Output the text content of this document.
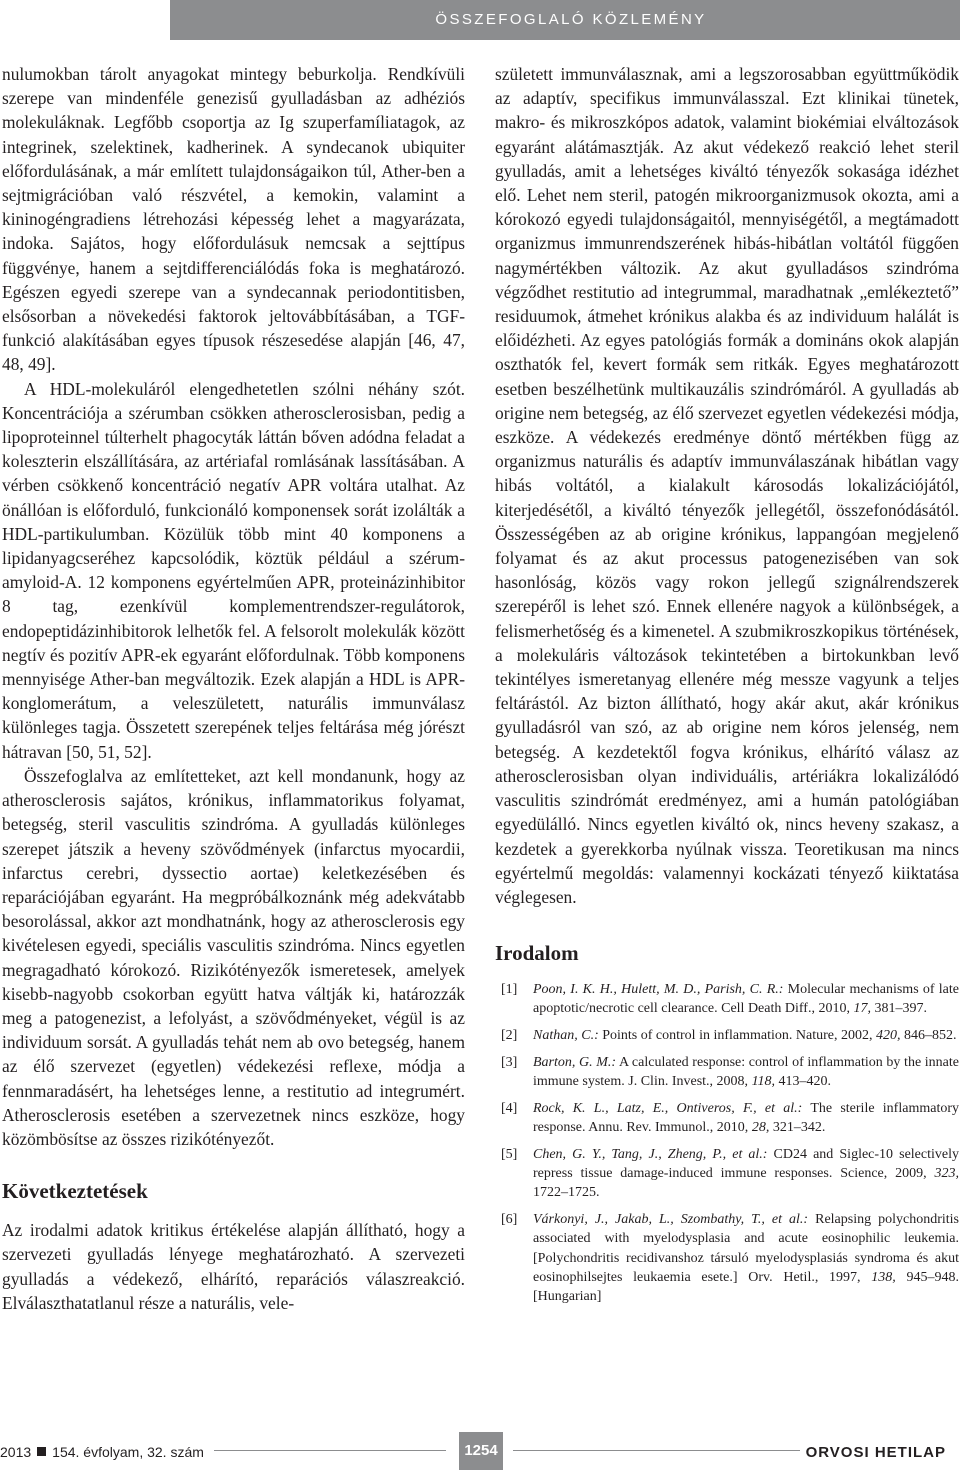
ÖSSZEFOGLALÓ KÖZLEMÉNY

nulumokban tárolt anyagokat mintegy beburkolja. Rendkívüli szerepe van mindenféle genezisű gyulladásban az adhéziós molekuláknak. Legfőbb csoportja az Ig szuperfamíliatagok, az integrinek, szelektinek, kadherinek. A syndecanok ubiquiter előfordulásának, a már említett tulajdonságaikon túl, Ather-ben a sejtmigrációban való részvétel, a kemokin, valamint a kininogéngradiens létrehozási képesség lehet a magyarázata, indoka. Sajátos, hogy előfordulásuk nemcsak a sejttípus függvénye, hanem a sejtdifferenciálódás foka is meghatározó. Egészen egyedi szerepe van a syndecannak periodontitisben, elsősorban a növekedési faktorok jeltovábbításában, a TGF-funkció alakításában egyes típusok részesedése alapján [46, 47, 48, 49].

A HDL-molekuláról elengedhetetlen szólni néhány szót. Koncentrációja a szérumban csökken atherosclerosisban, pedig a lipoproteinnel túlterhelt phagocyták láttán bőven adódna feladat a koleszterin elszállítására, az artériafal romlásának lassításában. A vérben csökkenő koncentráció negatív APR voltára utalhat. Az önállóan is előforduló, funkcionáló komponensek sorát izolálták a HDL-partikulumban. Közülük több mint 40 komponens a lipidanyagcseréhez kapcsolódik, köztük például a szérum-amyloid-A. 12 komponens egyértelműen APR, proteinázinhibitor 8 tag, ezenkívül komplementrendszer-regulátorok, endopeptidázinhibitorok lelhetők fel. A felsorolt molekulák között negtív és pozitív APR-ek egyaránt előfordulnak. Több komponens mennyisége Ather-ban megváltozik. Ezek alapján a HDL is APR-konglomerátum, a veleszületett, naturális immunválasz különleges tagja. Összetett szerepének teljes feltárása még jórészt hátravan [50, 51, 52].

Összefoglalva az említetteket, azt kell mondanunk, hogy az atherosclerosis sajátos, krónikus, inflammatorikus folyamat, betegség, steril vasculitis szindróma. A gyulladás különleges szerepet játszik a heveny szövődmények (infarctus myocardii, infarctus cerebri, dyssectio aortae) keletkezésében és reparációjában egyaránt. Ha megpróbálkoznánk még adekvátabb besorolással, akkor azt mondhatnánk, hogy az atherosclerosis egy kivételesen egyedi, speciális vasculitis szindróma. Nincs egyetlen megragadható kórokozó. Rizikótényezők ismeretesek, amelyek kisebb-nagyobb csokorban együtt hatva váltják ki, határozzák meg a patogenezist, a lefolyást, a szövődményeket, végül is az individuum sorsát. A gyulladás tehát nem ab ovo betegség, hanem az élő szervezet (egyetlen) védekezési reflexe, módja a fennmaradásért, ha lehetséges lenne, a restitutio ad integrumért. Atherosclerosis esetében a szervezetnek nincs eszköze, hogy közömbösítse az összes rizikótényezőt.

Következtetések

Az irodalmi adatok kritikus értékelése alapján állítható, hogy a szervezeti gyulladás lényege meghatározható. A szervezeti gyulladás a védekező, elhárító, reparációs válaszreakció. Elválaszthatatlanul része a naturális, vele-

született immunválasznak, ami a legszorosabban együttműködik az adaptív, specifikus immunválasszal. Ezt klinikai tünetek, makro- és mikroszkópos adatok, valamint biokémiai elváltozások egyaránt alátámasztják. Az akut védekező reakció lehet steril gyulladás, amit a lehetséges kiváltó tényezők sokasága idézhet elő. Lehet nem steril, patogén mikroorganizmusok okozta, ami a kórokozó egyedi tulajdonságaitól, mennyiségétől, a megtámadott organizmus immunrendszerének hibás-hibátlan voltától függően nagymértékben változik. Az akut gyulladásos szindróma végződhet restitutio ad integrummal, maradhatnak „emlékeztető” residuumok, átmehet krónikus alakba és az individuum halálát is előidézheti. Az egyes patológiás formák a domináns okok alapján oszthatók fel, kevert formák sem ritkák. Egyes meghatározott esetben beszélhetünk multikauzális szindrómáról. A gyulladás ab origine nem betegség, az élő szervezet egyetlen védekezési módja, eszköze. A védekezés eredménye döntő mértékben függ az organizmus naturális és adaptív immunválaszának hibátlan vagy hibás voltától, a kialakult károsodás lokalizációjától, kiterjedésétől, a kiváltó tényezők jellegétől, összefonódásától. Összességében az ab origine krónikus, lappangóan megjelenő folyamat és az akut processus patogenezisében van sok hasonlóság, közös vagy rokon jellegű szignálrendszerek szerepéről is lehet szó. Ennek ellenére nagyok a különbségek, a felismerhetőség és a kimenetel. A szubmikroszkopikus történések, a molekuláris változások tekintetében a birtokunkban levő tekintélyes ismeretanyag ellenére még messze vagyunk a teljes feltárástól. Az bizton állítható, hogy akár akut, akár krónikus gyulladásról van szó, az ab origine nem kóros jelenség, nem betegség. A kezdetektől fogva krónikus, elhárító válasz az atherosclerosisban olyan individuális, artériákra lokalizálódó vasculitis szindrómát eredményez, ami a humán patológiában egyedülálló. Nincs egyetlen kiváltó ok, nincs heveny szakasz, a kezdetek a gyerekkorba nyúlnak vissza. Teoretikusan ma nincs egyértelmű megoldás: valamennyi kockázati tényező kiiktatása véglegesen.

Irodalom
[1] Poon, I. K. H., Hulett, M. D., Parish, C. R.: Molecular mechanisms of late apoptotic/necrotic cell clearance. Cell Death Diff., 2010, 17, 381–397.
[2] Nathan, C.: Points of control in inflammation. Nature, 2002, 420, 846–852.
[3] Barton, G. M.: A calculated response: control of inflammation by the innate immune system. J. Clin. Invest., 2008, 118, 413–420.
[4] Rock, K. L., Latz, E., Ontiveros, F., et al.: The sterile inflammatory response. Annu. Rev. Immunol., 2010, 28, 321–342.
[5] Chen, G. Y., Tang, J., Zheng, P., et al.: CD24 and Siglec-10 selectively repress tissue damage-induced immune responses. Science, 2009, 323, 1722–1725.
[6] Várkonyi, J., Jakab, L., Szombathy, T., et al.: Relapsing polychondritis associated with myelodysplasia and acute eosinophilic leukemia. [Polychondritis recidivanshoz társuló myelodysplasiás syndroma és akut eosinophilsejtes leukaemia esete.] Orv. Hetil., 1997, 138, 945–948. [Hungarian]
2013 154. évfolyam, 32. szám	1254	ORVOSI HETILAP
